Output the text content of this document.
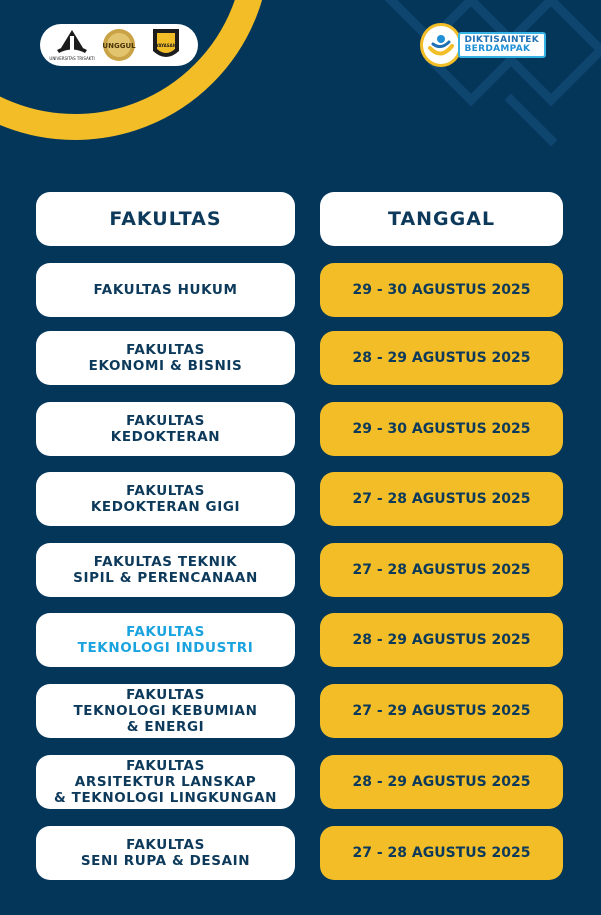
UNIVERSITAS TRISAKTI
UNGGUL	YAYASAN
DIKTISAINTEK
BERDAMPAK
FAKULTAS	TANGGAL
FAKULTAS HUKUM	29 - 30 AGUSTUS 2025
FAKULTAS
EKONOMI & BISNIS	28 - 29 AGUSTUS 2025
FAKULTAS
KEDOKTERAN	29 - 30 AGUSTUS 2025
FAKULTAS
KEDOKTERAN GIGI	27 - 28 AGUSTUS 2025
FAKULTAS TEKNIK
SIPIL & PERENCANAAN	27 - 28 AGUSTUS 2025
FAKULTAS
TEKNOLOGI INDUSTRI	28 - 29 AGUSTUS 2025
FAKULTAS
TEKNOLOGI KEBUMIAN
& ENERGI
27 - 29 AGUSTUS 2025
FAKULTAS
ARSITEKTUR LANSKAP
& TEKNOLOGI LINGKUNGAN
28 - 29 AGUSTUS 2025
FAKULTAS
SENI RUPA & DESAIN	27 - 28 AGUSTUS 2025
